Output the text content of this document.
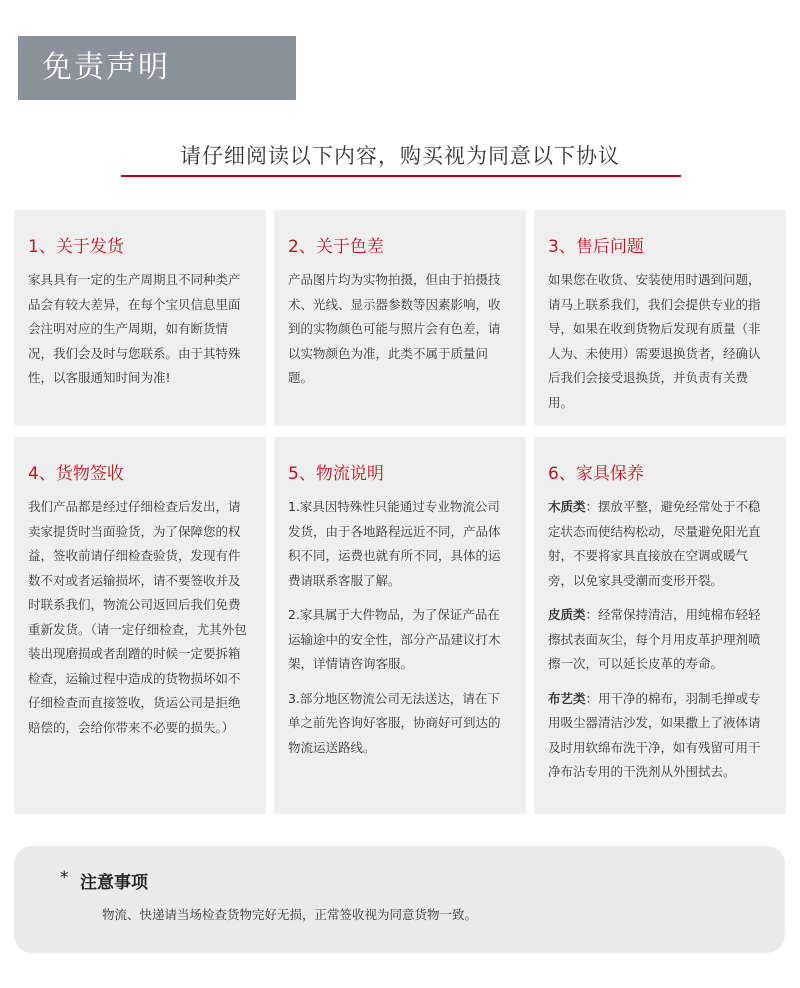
免责声明
请仔细阅读以下内容，购买视为同意以下协议
1、关于发货
家具具有一定的生产周期且不同种类产品会有较大差异，在每个宝贝信息里面会注明对应的生产周期，如有断货情况，我们会及时与您联系。由于其特殊性，以客服通知时间为准!
2、关于色差
产品图片均为实物拍摄，但由于拍摄技术、光线、显示器参数等因素影响，收到的实物颜色可能与照片会有色差，请以实物颜色为准，此类不属于质量问题。
3、售后问题
如果您在收货、安装使用时遇到问题，请马上联系我们，我们会提供专业的指导，如果在收到货物后发现有质量（非人为、未使用）需要退换货者，经确认后我们会接受退换货，并负责有关费用。
4、货物签收
我们产品都是经过仔细检查后发出，请卖家提货时当面验货，为了保障您的权益，签收前请仔细检查验货，发现有件数不对或者运输损坏，请不要签收并及时联系我们，物流公司返回后我们免费重新发货。（请一定仔细检查，尤其外包装出现磨损或者刮蹭的时候一定要拆箱检查，运输过程中造成的货物损坏如不仔细检查而直接签收，货运公司是拒绝赔偿的，会给你带来不必要的损失。）
5、物流说明

1.家具因特殊性只能通过专业物流公司发货，由于各地路程远近不同，产品体积不同，运费也就有所不同，具体的运费请联系客服了解。

2.家具属于大件物品，为了保证产品在运输途中的安全性，部分产品建议打木架，详情请咨询客服。

3.部分地区物流公司无法送达，请在下单之前先咨询好客服，协商好可到达的物流运送路线。

6、家具保养

木质类：摆放平整，避免经常处于不稳定状态而使结构松动，尽量避免阳光直射，不要将家具直接放在空调或暖气旁，以免家具受潮而变形开裂。

皮质类：经常保持清洁，用纯棉布轻轻擦拭表面灰尘，每个月用皮革护理剂喷擦一次，可以延长皮革的寿命。

布艺类：用干净的棉布，羽制毛掸或专用吸尘器清洁沙发，如果撒上了液体请及时用软绵布洗干净，如有残留可用干净布沾专用的干洗剂从外围拭去。

* 注意事项
物流、快递请当场检查货物完好无损，正常签收视为同意货物一致。
